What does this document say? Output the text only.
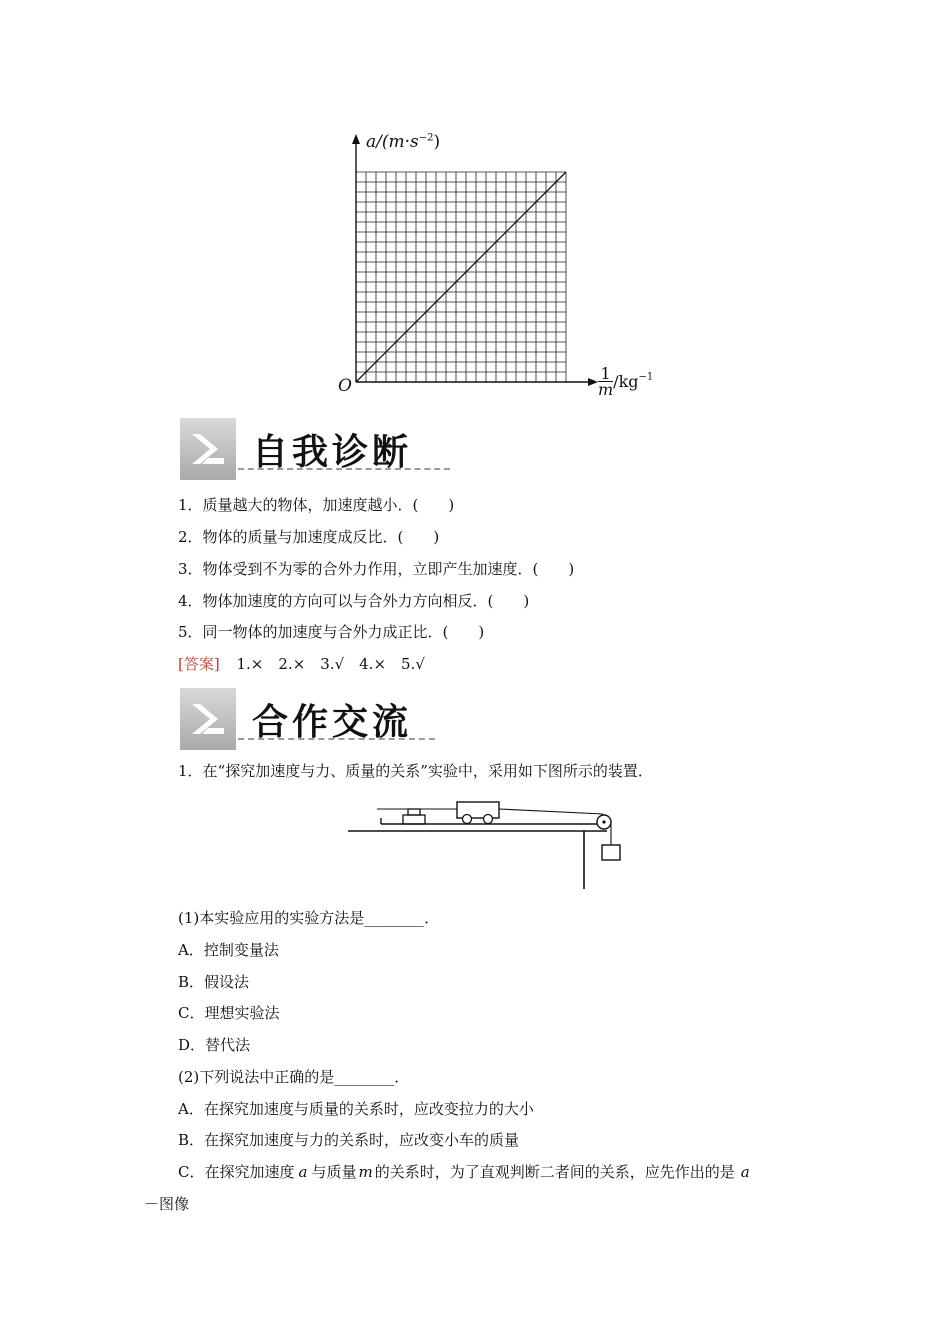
$a/(m\cdot s^{-2})$
O	$\frac{1}{m} /kg^{-1}$
自我诊断
1．质量越大的物体，加速度越小．(　　)
2．物体的质量与加速度成反比．(　　)
3．物体受到不为零的合外力作用，立即产生加速度．(　　)
4．物体加速度的方向可以与合外力方向相反．(　　)
5．同一物体的加速度与合外力成正比．(　　)
[答案] 1.×　2.×　3.√　4.×　5.√
合作交流
1．在“探究加速度与力、质量的关系”实验中，采用如下图所示的装置．
(1)本实验应用的实验方法是________．
A．控制变量法
B．假设法
C．理想实验法
D．替代法
(2)下列说法中正确的是________．
A．在探究加速度与质量的关系时，应改变拉力的大小
B．在探究加速度与力的关系时，应改变小车的质量
C．在探究加速度 a 与质量 m 的关系时，为了直观判断二者间的关系，应先作出的是 a
－图像
